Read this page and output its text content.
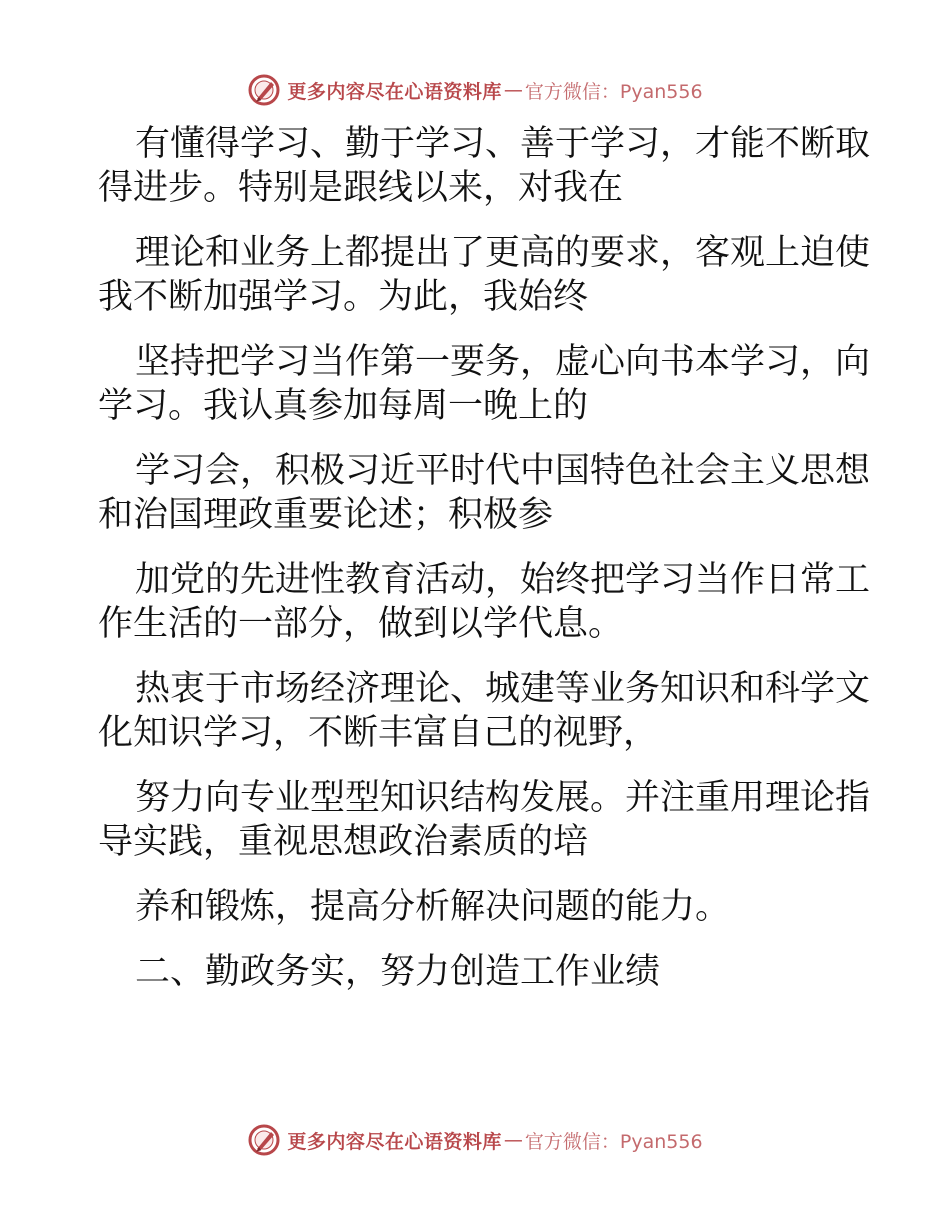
更多内容尽在心语资料库 — 官方微信：Pyan556
有懂得学习、勤于学习、善于学习，才能不断取
得进步。特别是跟线以来，对我在
理论和业务上都提出了更高的要求，客观上迫使
我不断加强学习。为此，我始终
坚持把学习当作第一要务，虚心向书本学习，向
学习。我认真参加每周一晚上的
学习会，积极习近平时代中国特色社会主义思想
和治国理政重要论述；积极参
加党的先进性教育活动，始终把学习当作日常工
作生活的一部分，做到以学代息。
热衷于市场经济理论、城建等业务知识和科学文
化知识学习，不断丰富自己的视野，
努力向专业型型知识结构发展。并注重用理论指
导实践，重视思想政治素质的培
养和锻炼，提高分析解决问题的能力。
二、勤政务实，努力创造工作业绩
更多内容尽在心语资料库 — 官方微信：Pyan556
